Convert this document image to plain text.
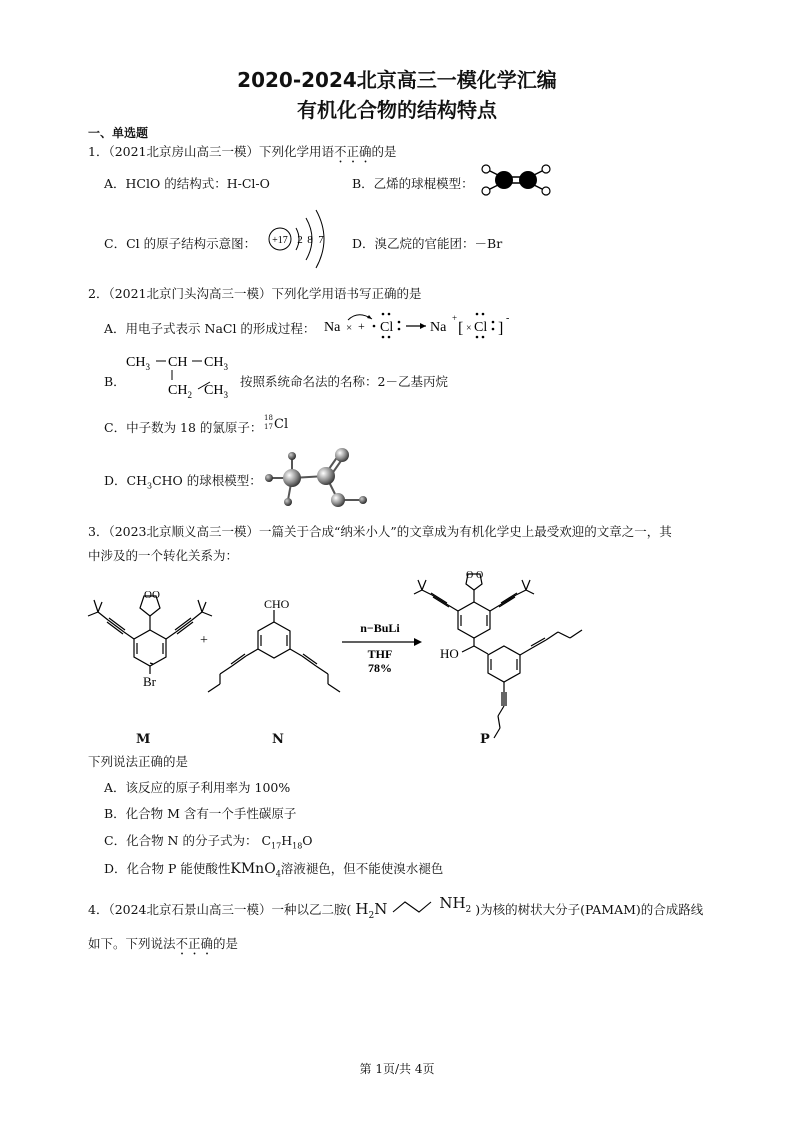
2020-2024北京高三一模化学汇编
有机化合物的结构特点
一、单选题
1．（2021北京房山高三一模）下列化学用语不正确的是
A．HClO 的结构式：H-Cl-O	B．乙烯的球棍模型：
C．Cl 的原子结构示意图： +17 2 8 7 D．溴乙烷的官能团：－Br
2．（2021北京门头沟高三一模）下列化学用语书写正确的是
A．用电子式表示 NaCl 的形成过程： Na × + Cl	Na
+
[ × Cl ]
-
B．
$CH_3$ CH $CH_3$
$CH_2$ $CH_3$
按照系统命名法的名称：2－乙基丙烷
C．中子数为 18 的氯原子：
18
17 Cl
D．$CH_3CHO$ 的球根模型：
3．（2023北京顺义高三一模）一篇关于合成“纳米小人”的文章成为有机化学史上最受欢迎的文章之一，其
中涉及的一个转化关系为：
O O
Br
+
CHO
n−BuLi
THF
78%
O O
HO
M	N	P
下列说法正确的是
A．该反应的原子利用率为 100%
B．化合物 M 含有一个手性碳原子
C．化合物 N 的分子式为： $C_{17}H_{18}O$
D．化合物 P 能使酸性KMnO$_4$溶液褪色，但不能使溴水褪色
4．（2024北京石景山高三一模）一种以乙二胺( $H_2N$	$NH_2$ )为核的树状大分子(PAMAM)的合成路线
如下。下列说法不正确的是
第 1页/共 4页
